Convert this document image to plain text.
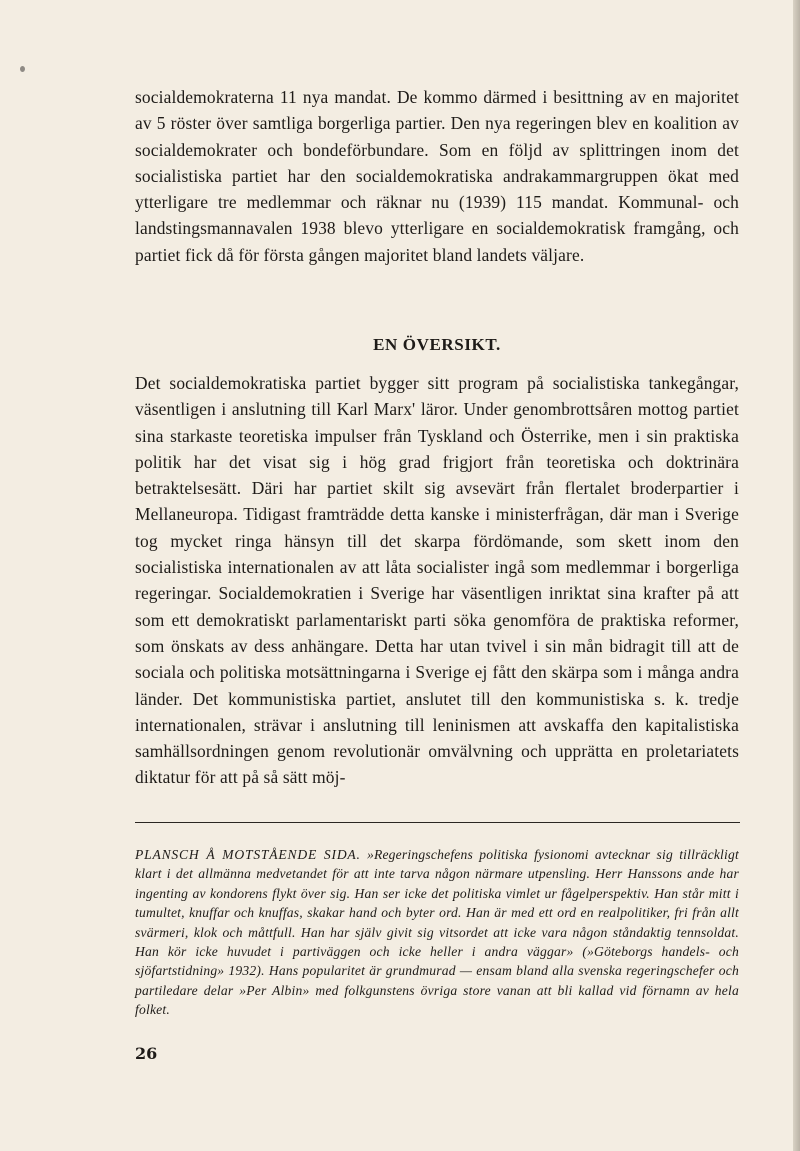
socialdemokraterna 11 nya mandat. De kommo därmed i besittning av en majoritet av 5 röster över samtliga borgerliga partier. Den nya regeringen blev en koalition av socialdemokrater och bondeförbundare. Som en följd av splittringen inom det socialistiska partiet har den socialdemokratiska andrakammargruppen ökat med ytterligare tre medlemmar och räknar nu (1939) 115 mandat. Kommunal- och landstingsmannavalen 1938 blevo ytterligare en socialdemokratisk framgång, och partiet fick då för första gången majoritet bland landets väljare.

EN ÖVERSIKT.

Det socialdemokratiska partiet bygger sitt program på socialistiska tankegångar, väsentligen i anslutning till Karl Marx' läror. Under genombrottsåren mottog partiet sina starkaste teoretiska impulser från Tyskland och Österrike, men i sin praktiska politik har det visat sig i hög grad frigjort från teoretiska och doktrinära betraktelsesätt. Däri har partiet skilt sig avsevärt från flertalet broderpartier i Mellaneuropa. Tidigast framträdde detta kanske i ministerfrågan, där man i Sverige tog mycket ringa hänsyn till det skarpa fördömande, som skett inom den socialistiska internationalen av att låta socialister ingå som medlemmar i borgerliga regeringar. Socialdemokratien i Sverige har väsentligen inriktat sina krafter på att som ett demokratiskt parlamentariskt parti söka genomföra de praktiska reformer, som önskats av dess anhängare. Detta har utan tvivel i sin mån bidragit till att de sociala och politiska motsättningarna i Sverige ej fått den skärpa som i många andra länder. Det kommunistiska partiet, anslutet till den kommunistiska s. k. tredje internationalen, strävar i anslutning till leninismen att avskaffa den kapitalistiska samhällsordningen genom revolutionär omvälvning och upprätta en proletariatets diktatur för att på så sätt möj-

PLANSCH Å MOTSTÅENDE SIDA. »Regeringschefens politiska fysionomi avtecknar sig tillräckligt klart i det allmänna medvetandet för att inte tarva någon närmare utpensling. Herr Hanssons ande har ingenting av kondorens flykt över sig. Han ser icke det politiska vimlet ur fågelperspektiv. Han står mitt i tumultet, knuffar och knuffas, skakar hand och byter ord. Han är med ett ord en realpolitiker, fri från allt svärmeri, klok och måttfull. Han har själv givit sig vitsordet att icke vara någon ståndaktig tennsoldat. Han kör icke huvudet i partiväggen och icke heller i andra väggar» (»Göteborgs handels- och sjöfartstidning» 1932). Hans popularitet är grundmurad — ensam bland alla svenska regeringschefer och partiledare delar »Per Albin» med folkgunstens övriga store vanan att bli kallad vid förnamn av hela folket.

26
